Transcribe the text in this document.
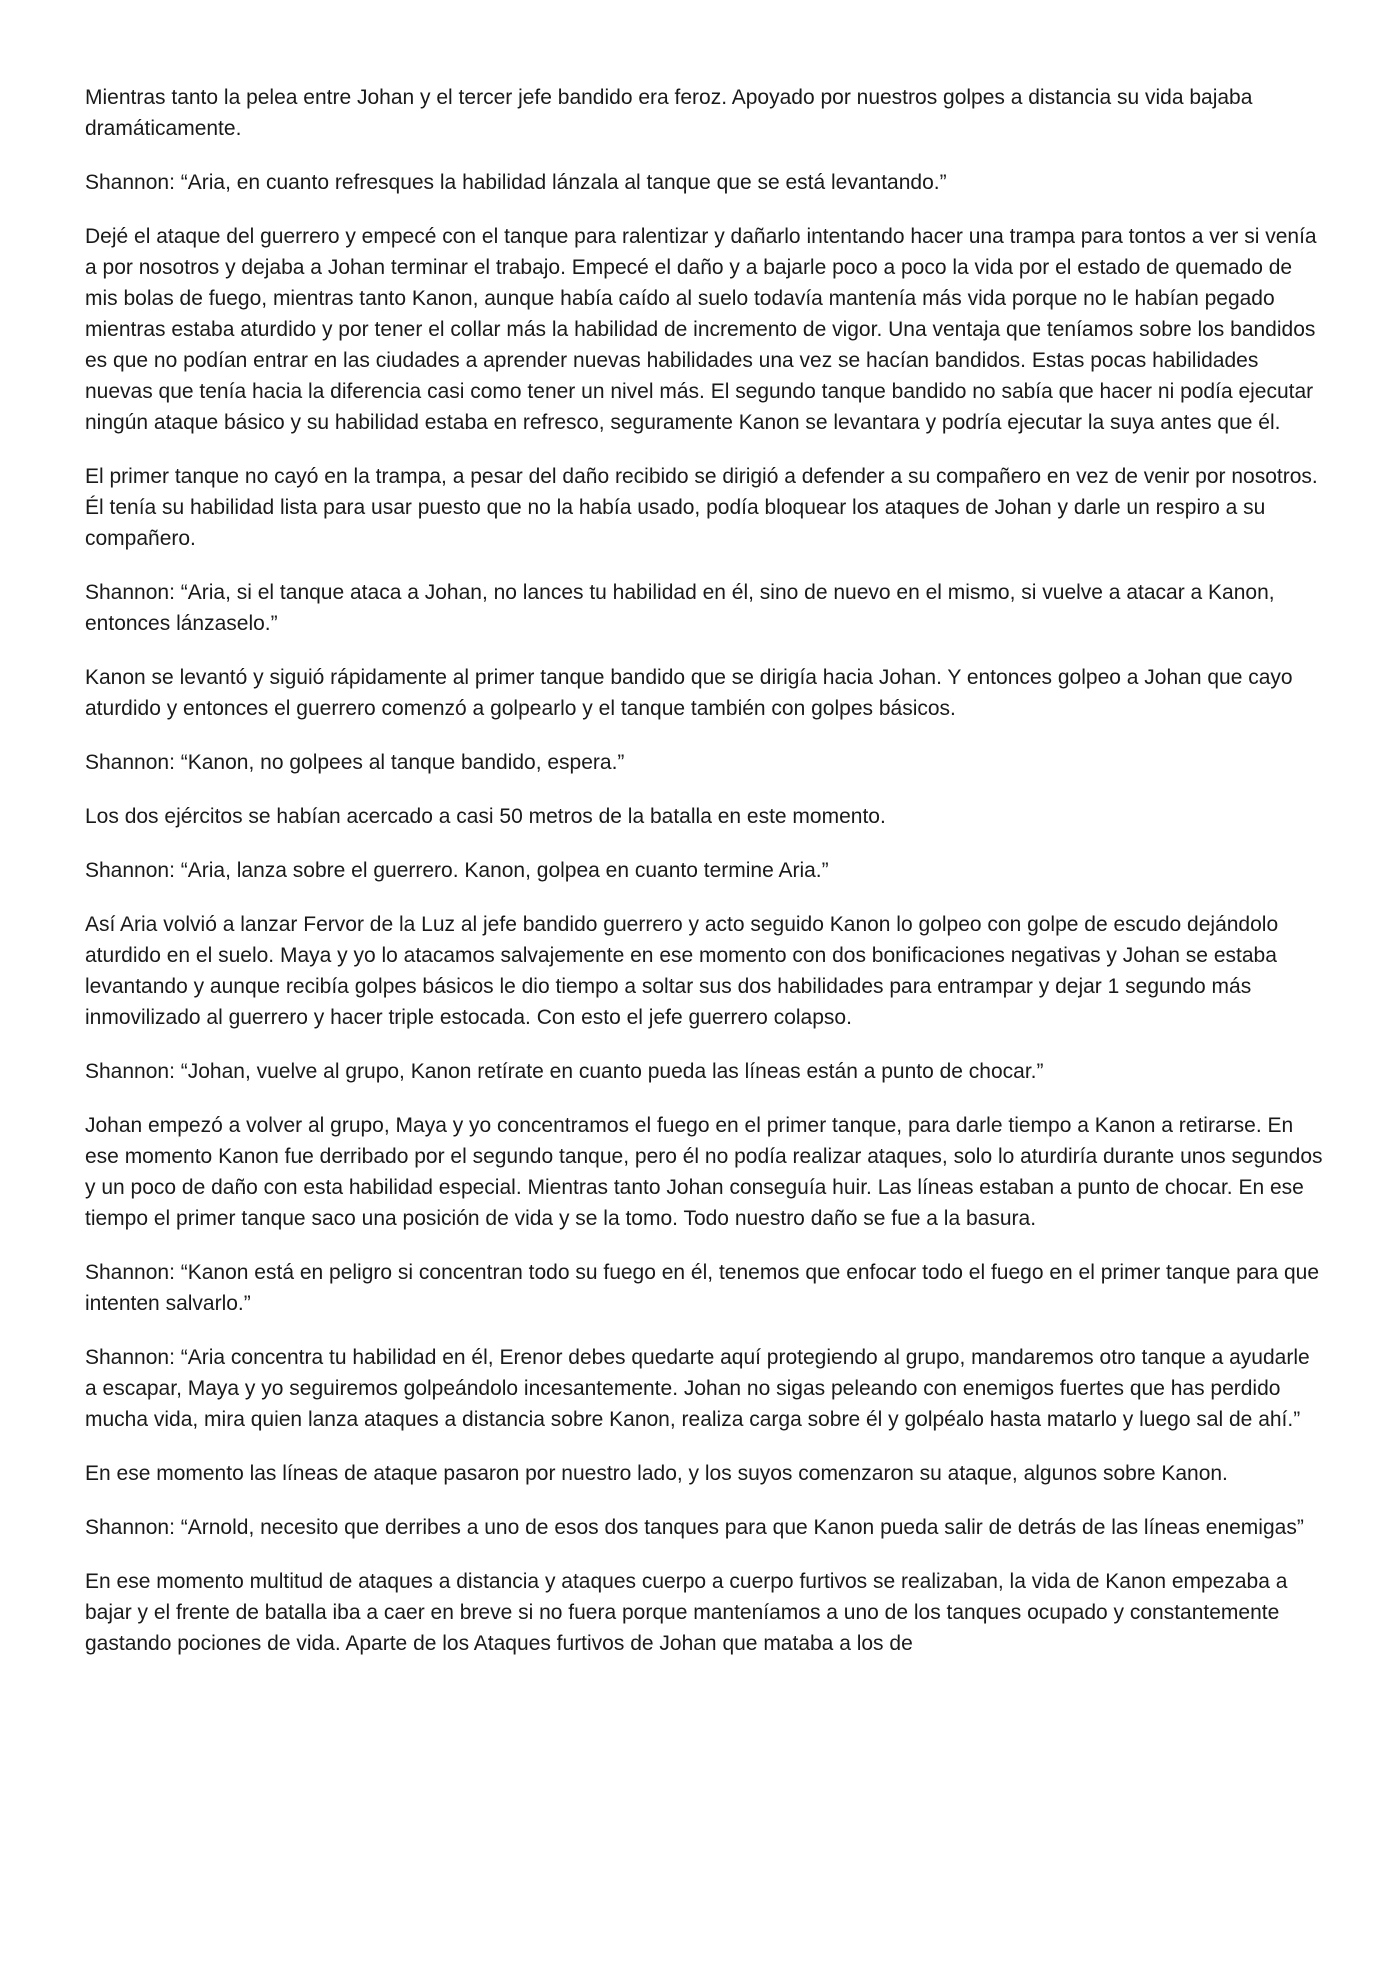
Mientras tanto la pelea entre Johan y el tercer jefe bandido era feroz. Apoyado por nuestros golpes a distancia su vida bajaba dramáticamente.

Shannon: “Aria, en cuanto refresques la habilidad lánzala al tanque que se está levantando.”

Dejé el ataque del guerrero y empecé con el tanque para ralentizar y dañarlo intentando hacer una trampa para tontos a ver si venía a por nosotros y dejaba a Johan terminar el trabajo. Empecé el daño y a bajarle poco a poco la vida por el estado de quemado de mis bolas de fuego, mientras tanto Kanon, aunque había caído al suelo todavía mantenía más vida porque no le habían pegado mientras estaba aturdido y por tener el collar más la habilidad de incremento de vigor. Una ventaja que teníamos sobre los bandidos es que no podían entrar en las ciudades a aprender nuevas habilidades una vez se hacían bandidos. Estas pocas habilidades nuevas que tenía hacia la diferencia casi como tener un nivel más. El segundo tanque bandido no sabía que hacer ni podía ejecutar ningún ataque básico y su habilidad estaba en refresco, seguramente Kanon se levantara y podría ejecutar la suya antes que él.

El primer tanque no cayó en la trampa, a pesar del daño recibido se dirigió a defender a su compañero en vez de venir por nosotros. Él tenía su habilidad lista para usar puesto que no la había usado, podía bloquear los ataques de Johan y darle un respiro a su compañero.

Shannon: “Aria, si el tanque ataca a Johan, no lances tu habilidad en él, sino de nuevo en el mismo, si vuelve a atacar a Kanon, entonces lánzaselo.”

Kanon se levantó y siguió rápidamente al primer tanque bandido que se dirigía hacia Johan. Y entonces golpeo a Johan que cayo aturdido y entonces el guerrero comenzó a golpearlo y el tanque también con golpes básicos.

Shannon: “Kanon, no golpees al tanque bandido, espera.”

Los dos ejércitos se habían acercado a casi 50 metros de la batalla en este momento.

Shannon: “Aria, lanza sobre el guerrero. Kanon, golpea en cuanto termine Aria.”

Así Aria volvió a lanzar Fervor de la Luz al jefe bandido guerrero y acto seguido Kanon lo golpeo con golpe de escudo dejándolo aturdido en el suelo. Maya y yo lo atacamos salvajemente en ese momento con dos bonificaciones negativas y Johan se estaba levantando y aunque recibía golpes básicos le dio tiempo a soltar sus dos habilidades para entrampar y dejar 1 segundo más inmovilizado al guerrero y hacer triple estocada. Con esto el jefe guerrero colapso.

Shannon: “Johan, vuelve al grupo, Kanon retírate en cuanto pueda las líneas están a punto de chocar.”

Johan empezó a volver al grupo, Maya y yo concentramos el fuego en el primer tanque, para darle tiempo a Kanon a retirarse. En ese momento Kanon fue derribado por el segundo tanque, pero él no podía realizar ataques, solo lo aturdiría durante unos segundos y un poco de daño con esta habilidad especial. Mientras tanto Johan conseguía huir. Las líneas estaban a punto de chocar. En ese tiempo el primer tanque saco una posición de vida y se la tomo. Todo nuestro daño se fue a la basura.

Shannon: “Kanon está en peligro si concentran todo su fuego en él, tenemos que enfocar todo el fuego en el primer tanque para que intenten salvarlo.”

Shannon: “Aria concentra tu habilidad en él, Erenor debes quedarte aquí protegiendo al grupo, mandaremos otro tanque a ayudarle a escapar, Maya y yo seguiremos golpeándolo incesantemente. Johan no sigas peleando con enemigos fuertes que has perdido mucha vida, mira quien lanza ataques a distancia sobre Kanon, realiza carga sobre él y golpéalo hasta matarlo y luego sal de ahí.”

En ese momento las líneas de ataque pasaron por nuestro lado, y los suyos comenzaron su ataque, algunos sobre Kanon.

Shannon: “Arnold, necesito que derribes a uno de esos dos tanques para que Kanon pueda salir de detrás de las líneas enemigas”

En ese momento multitud de ataques a distancia y ataques cuerpo a cuerpo furtivos se realizaban, la vida de Kanon empezaba a bajar y el frente de batalla iba a caer en breve si no fuera porque manteníamos a uno de los tanques ocupado y constantemente gastando pociones de vida. Aparte de los Ataques furtivos de Johan que mataba a los de
